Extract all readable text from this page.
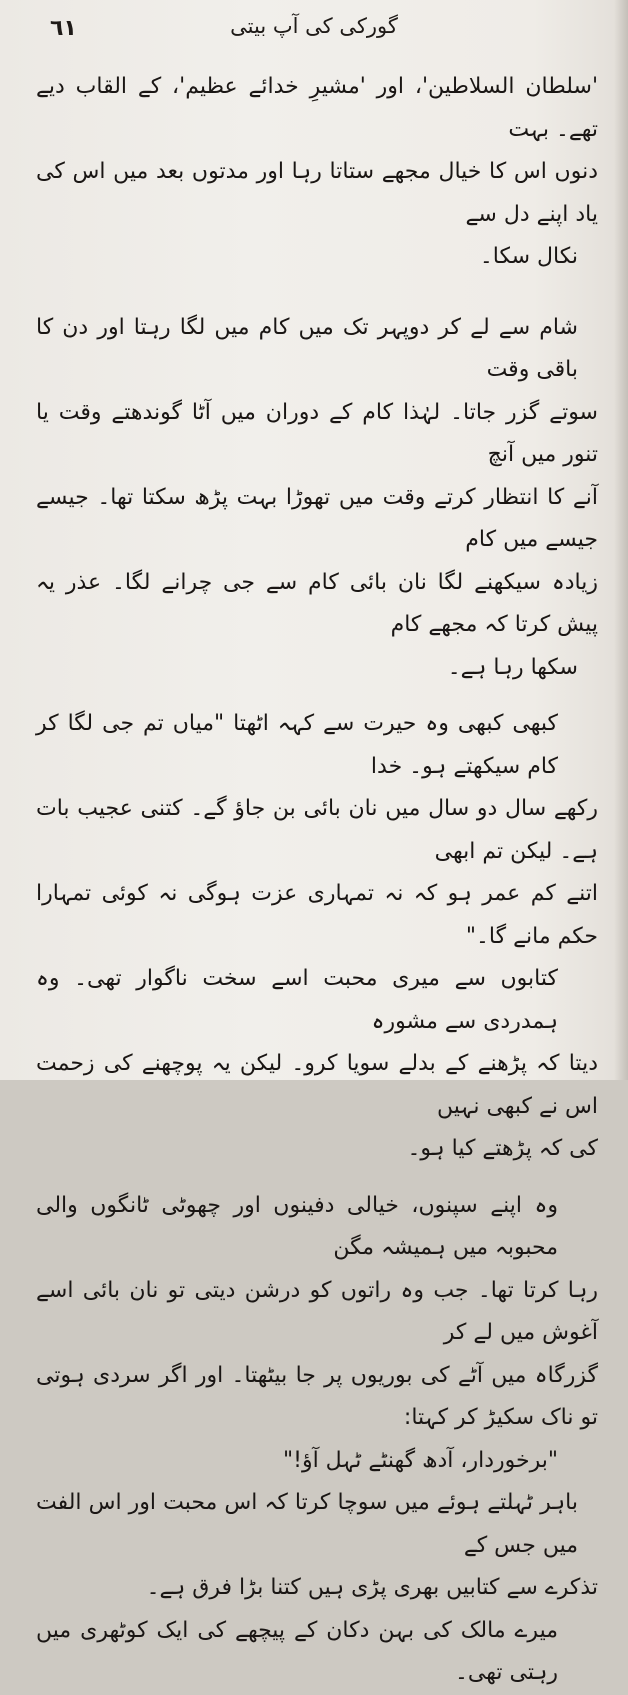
٦١	گورکی کی آپ بیتی
'سلطان السلاطین'، اور 'مشیرِ خدائے عظیم'، کے القاب دیے تھے۔ بہت
دنوں اس کا خیال مجھے ستاتا رہا اور مدتوں بعد میں اس کی یاد اپنے دل سے
نکال سکا۔
شام سے لے کر دوپہر تک میں کام میں لگا رہتا اور دن کا باقی وقت
سوتے گزر جاتا۔ لہٰذا کام کے دوران میں آٹا گوندھتے وقت یا تنور میں آنچ
آنے کا انتظار کرتے وقت میں تھوڑا بہت پڑھ سکتا تھا۔ جیسے جیسے میں کام
زیادہ سیکھنے لگا نان بائی کام سے جی چرانے لگا۔ عذر یہ پیش کرتا کہ مجھے کام
سکھا رہا ہے۔
کبھی کبھی وہ حیرت سے کہہ اٹھتا "میاں تم جی لگا کر کام سیکھتے ہو۔ خدا
رکھے سال دو سال میں نان بائی بن جاؤ گے۔ کتنی عجیب بات ہے۔ لیکن تم ابھی
اتنے کم عمر ہو کہ نہ تمہاری عزت ہوگی نہ کوئی تمہارا حکم مانے گا۔"
کتابوں سے میری محبت اسے سخت ناگوار تھی۔ وہ ہمدردی سے مشورہ
دیتا کہ پڑھنے کے بدلے سویا کرو۔ لیکن یہ پوچھنے کی زحمت اس نے کبھی نہیں
کی کہ پڑھتے کیا ہو۔
وہ اپنے سپنوں، خیالی دفینوں اور چھوٹی ٹانگوں والی محبوبہ میں ہمیشہ مگن
رہا کرتا تھا۔ جب وہ راتوں کو درشن دیتی تو نان بائی اسے آغوش میں لے کر
گزرگاہ میں آٹے کی بوریوں پر جا بیٹھتا۔ اور اگر سردی ہوتی تو ناک سکیڑ کر کہتا:
"برخوردار، آدھ گھنٹے ٹہل آؤ!"
باہر ٹہلتے ہوئے میں سوچا کرتا کہ اس محبت اور اس الفت میں جس کے
تذکرے سے کتابیں بھری پڑی ہیں کتنا بڑا فرق ہے۔
میرے مالک کی بہن دکان کے پیچھے کی ایک کوٹھری میں رہتی تھی۔
